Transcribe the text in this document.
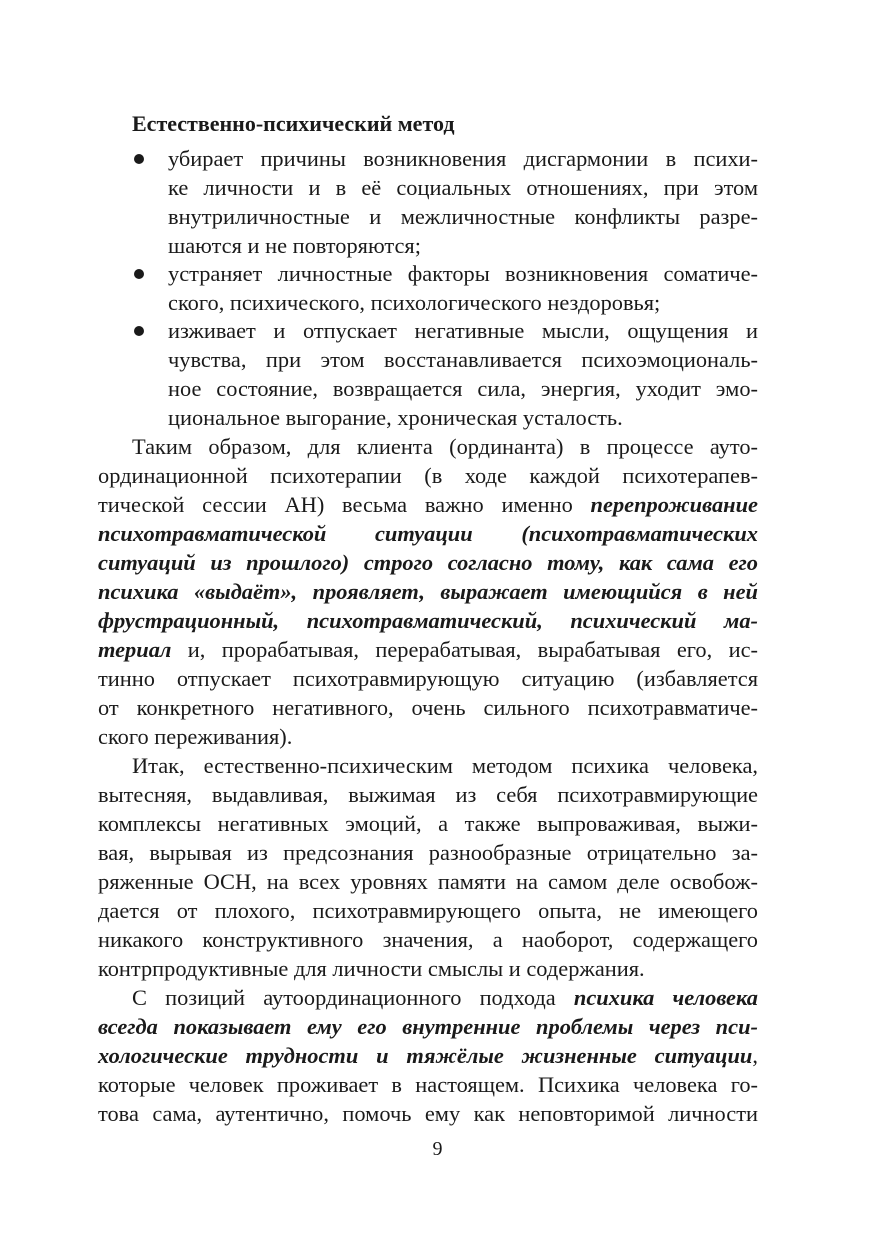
Естественно-психический метод
убирает причины возникновения дисгармонии в психи-
ке личности и в её социальных отношениях, при этом
внутриличностные и межличностные конфликты разре-
шаются и не повторяются;
устраняет личностные факторы возникновения соматиче-
ского, психического, психологического нездоровья;
изживает и отпускает негативные мысли, ощущения и
чувства, при этом восстанавливается психоэмоциональ-
ное состояние, возвращается сила, энергия, уходит эмо-
циональное выгорание, хроническая усталость.
Таким образом, для клиента (ординанта) в процессе ауто-
ординационной психотерапии (в ходе каждой психотерапев-
тической сессии АН) весьма важно именно перепроживание
психотравматической ситуации (психотравматических
ситуаций из прошлого) строго согласно тому, как сама его
психика «выдаёт», проявляет, выражает имеющийся в ней
фрустрационный, психотравматический, психический ма-
териал и, прорабатывая, перерабатывая, вырабатывая его, ис-
тинно отпускает психотравмирующую ситуацию (избавляется
от конкретного негативного, очень сильного психотравматиче-
ского переживания).
Итак, естественно-психическим методом психика человека,
вытесняя, выдавливая, выжимая из себя психотравмирующие
комплексы негативных эмоций, а также выпроваживая, выжи-
вая, вырывая из предсознания разнообразные отрицательно за-
ряженные ОСН, на всех уровнях памяти на самом деле освобож-
дается от плохого, психотравмирующего опыта, не имеющего
никакого конструктивного значения, а наоборот, содержащего
контрпродуктивные для личности смыслы и содержания.
С позиций аутоординационного подхода психика человека
всегда показывает ему его внутренние проблемы через пси-
хологические трудности и тяжёлые жизненные ситуации,
которые человек проживает в настоящем. Психика человека го-
това сама, аутентично, помочь ему как неповторимой личности
9
